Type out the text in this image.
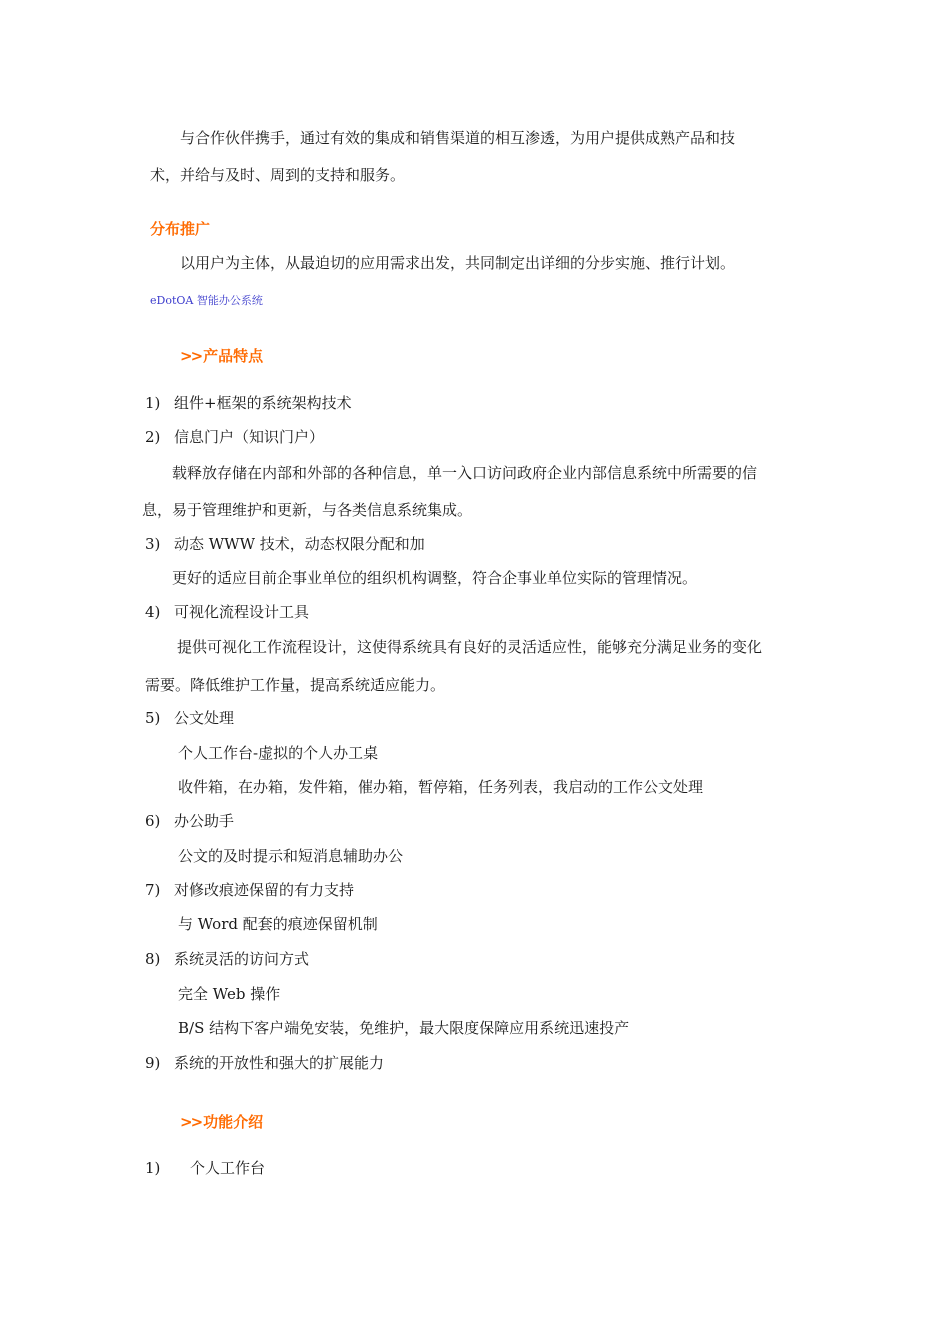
与合作伙伴携手，通过有效的集成和销售渠道的相互渗透，为用户提供成熟产品和技
术，并给与及时、周到的支持和服务。
分布推广
以用户为主体，从最迫切的应用需求出发，共同制定出详细的分步实施、推行计划。
eDotOA 智能办公系统
>> 产品特点
1) 组件+框架的系统架构技术
2) 信息门户（知识门户）
载释放存储在内部和外部的各种信息，单一入口访问政府企业内部信息系统中所需要的信
息，易于管理维护和更新，与各类信息系统集成。
3) 动态 WWW 技术，动态权限分配和加
更好的适应目前企事业单位的组织机构调整，符合企事业单位实际的管理情况。
4) 可视化流程设计工具
提供可视化工作流程设计，这使得系统具有良好的灵活适应性，能够充分满足业务的变化
需要。降低维护工作量，提高系统适应能力。
5) 公文处理
个人工作台-虚拟的个人办工桌
收件箱，在办箱，发件箱，催办箱，暂停箱，任务列表，我启动的工作公文处理
6) 办公助手
公文的及时提示和短消息辅助办公
7) 对修改痕迹保留的有力支持
与 Word 配套的痕迹保留机制
8) 系统灵活的访问方式
完全 Web 操作
B/S 结构下客户端免安装，免维护，最大限度保障应用系统迅速投产
9) 系统的开放性和强大的扩展能力
>> 功能介绍
1) 个人工作台
